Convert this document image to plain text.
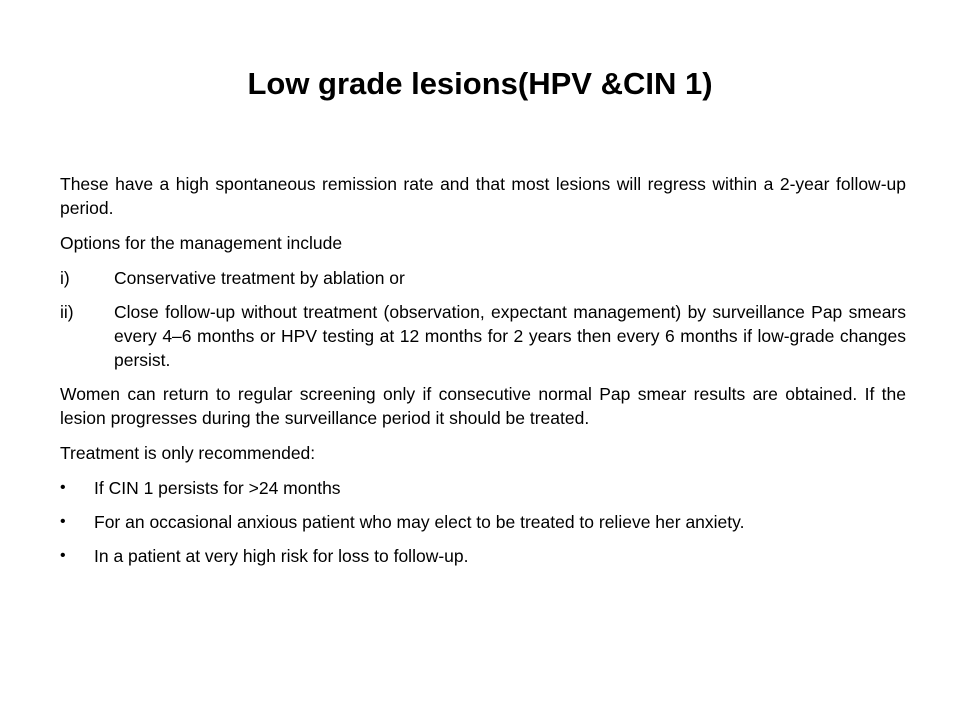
Low grade lesions(HPV &CIN 1)

These have a high spontaneous remission rate and that most lesions will regress within a 2-year follow-up period.

Options for the management include

i)	Conservative treatment by ablation or
ii) Close follow-up without treatment (observation, expectant management) by surveillance Pap smears every 4–6 months or HPV testing at 12 months for 2 years then every 6 months if low-grade changes persist.

Women can return to regular screening only if consecutive normal Pap smear results are obtained. If the lesion progresses during the surveillance period it should be treated.

Treatment is only recommended:

• If CIN 1 persists for >24 months
• For an occasional anxious patient who may elect to be treated to relieve her anxiety.
• In a patient at very high risk for loss to follow-up.
